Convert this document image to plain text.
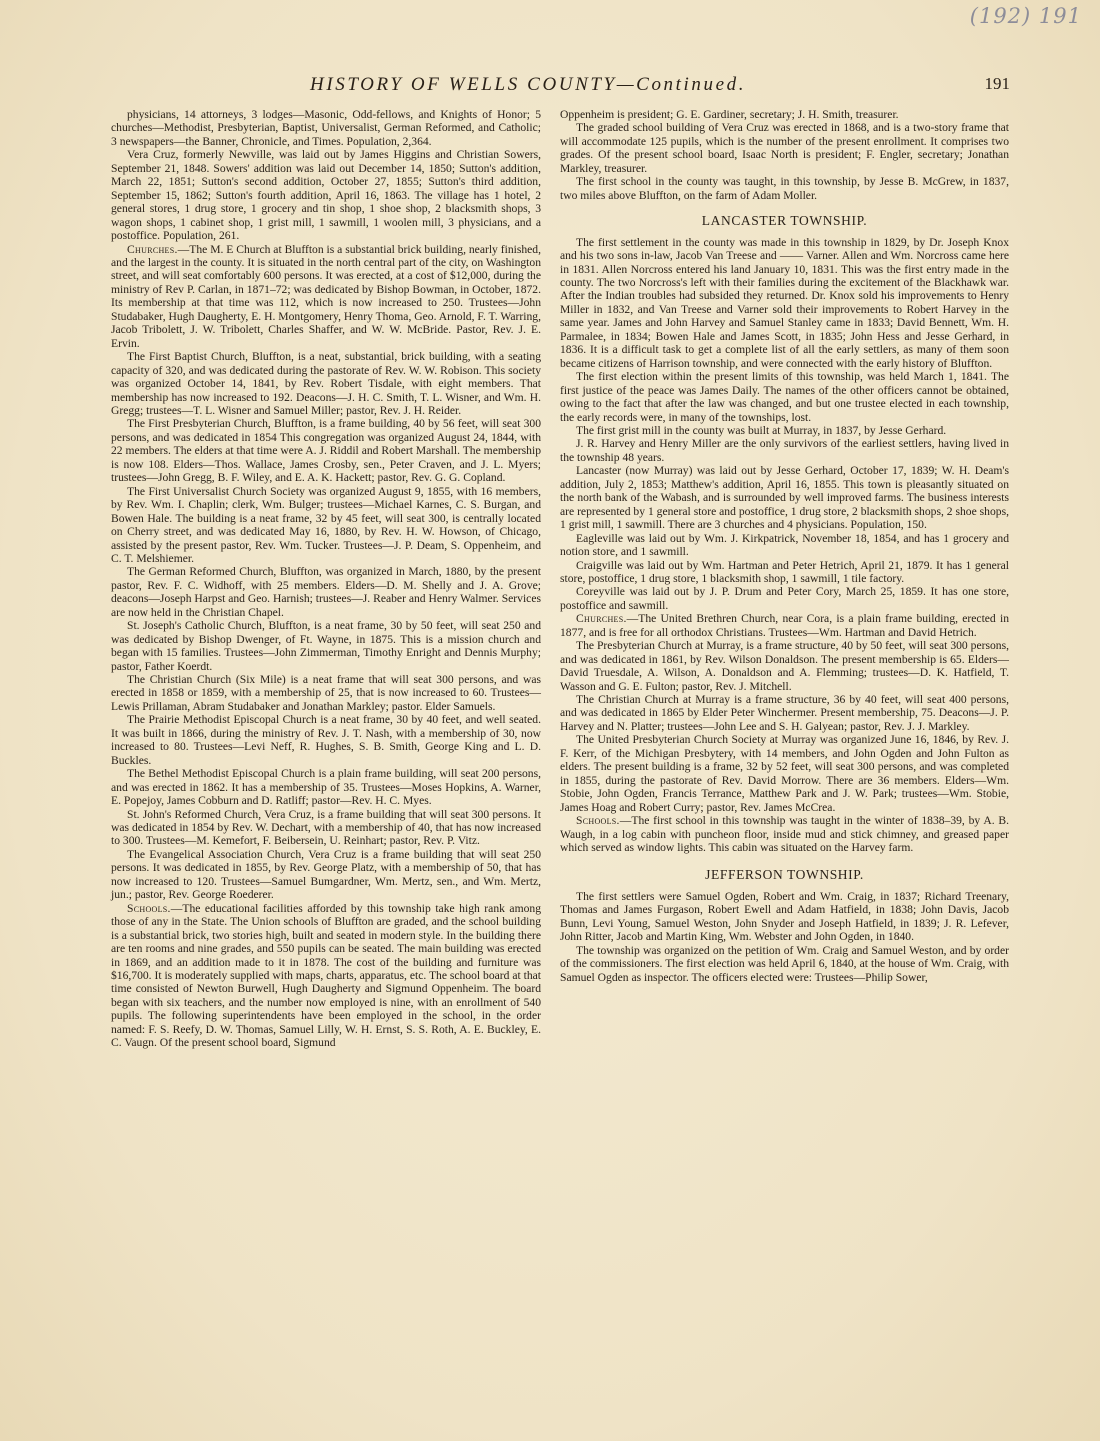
(192) 191
HISTORY OF WELLS COUNTY—Continued.	191

physicians, 14 attorneys, 3 lodges—Masonic, Odd-fellows, and Knights of Honor; 5 churches—Methodist, Presbyterian, Baptist, Universalist, German Reformed, and Catholic; 3 newspapers—the Banner, Chronicle, and Times. Population, 2,364.

Vera Cruz, formerly Newville, was laid out by James Higgins and Christian Sowers, September 21, 1848. Sowers' addition was laid out December 14, 1850; Sutton's addition, March 22, 1851; Sutton's second addition, October 27, 1855; Sutton's third addition, September 15, 1862; Sutton's fourth addition, April 16, 1863. The village has 1 hotel, 2 general stores, 1 drug store, 1 grocery and tin shop, 1 shoe shop, 2 blacksmith shops, 3 wagon shops, 1 cabinet shop, 1 grist mill, 1 sawmill, 1 woolen mill, 3 physicians, and a postoffice. Population, 261.

Churches.—The M. E Church at Bluffton is a substantial brick building, nearly finished, and the largest in the county. It is situated in the north central part of the city, on Washington street, and will seat comfortably 600 persons. It was erected, at a cost of $12,000, during the ministry of Rev P. Carlan, in 1871–72; was dedicated by Bishop Bowman, in October, 1872. Its membership at that time was 112, which is now increased to 250. Trustees—John Studabaker, Hugh Daugherty, E. H. Montgomery, Henry Thoma, Geo. Arnold, F. T. Warring, Jacob Tribolett, J. W. Tribolett, Charles Shaffer, and W. W. McBride. Pastor, Rev. J. E. Ervin.

The First Baptist Church, Bluffton, is a neat, substantial, brick building, with a seating capacity of 320, and was dedicated during the pastorate of Rev. W. W. Robison. This society was organized October 14, 1841, by Rev. Robert Tisdale, with eight members. That membership has now increased to 192. Deacons—J. H. C. Smith, T. L. Wisner, and Wm. H. Gregg; trustees—T. L. Wisner and Samuel Miller; pastor, Rev. J. H. Reider.

The First Presbyterian Church, Bluffton, is a frame building, 40 by 56 feet, will seat 300 persons, and was dedicated in 1854 This congregation was organized August 24, 1844, with 22 members. The elders at that time were A. J. Riddil and Robert Marshall. The membership is now 108. Elders—Thos. Wallace, James Crosby, sen., Peter Craven, and J. L. Myers; trustees—John Gregg, B. F. Wiley, and E. A. K. Hackett; pastor, Rev. G. G. Copland.

The First Universalist Church Society was organized August 9, 1855, with 16 members, by Rev. Wm. I. Chaplin; clerk, Wm. Bulger; trustees—Michael Karnes, C. S. Burgan, and Bowen Hale. The building is a neat frame, 32 by 45 feet, will seat 300, is centrally located on Cherry street, and was dedicated May 16, 1880, by Rev. H. W. Howson, of Chicago, assisted by the present pastor, Rev. Wm. Tucker. Trustees—J. P. Deam, S. Oppenheim, and C. T. Melshiemer.

The German Reformed Church, Bluffton, was organized in March, 1880, by the present pastor, Rev. F. C. Widhoff, with 25 members. Elders—D. M. Shelly and J. A. Grove; deacons—Joseph Harpst and Geo. Harnish; trustees—J. Reaber and Henry Walmer. Services are now held in the Christian Chapel.

St. Joseph's Catholic Church, Bluffton, is a neat frame, 30 by 50 feet, will seat 250 and was dedicated by Bishop Dwenger, of Ft. Wayne, in 1875. This is a mission church and began with 15 families. Trustees—John Zimmerman, Timothy Enright and Dennis Murphy; pastor, Father Koerdt.

The Christian Church (Six Mile) is a neat frame that will seat 300 persons, and was erected in 1858 or 1859, with a membership of 25, that is now increased to 60. Trustees—Lewis Prillaman, Abram Studabaker and Jonathan Markley; pastor. Elder Samuels.

The Prairie Methodist Episcopal Church is a neat frame, 30 by 40 feet, and well seated. It was built in 1866, during the ministry of Rev. J. T. Nash, with a membership of 30, now increased to 80. Trustees—Levi Neff, R. Hughes, S. B. Smith, George King and L. D. Buckles.

The Bethel Methodist Episcopal Church is a plain frame building, will seat 200 persons, and was erected in 1862. It has a membership of 35. Trustees—Moses Hopkins, A. Warner, E. Popejoy, James Cobburn and D. Ratliff; pastor—Rev. H. C. Myes.

St. John's Reformed Church, Vera Cruz, is a frame building that will seat 300 persons. It was dedicated in 1854 by Rev. W. Dechart, with a membership of 40, that has now increased to 300. Trustees—M. Kemefort, F. Beibersein, U. Reinhart; pastor, Rev. P. Vitz.

The Evangelical Association Church, Vera Cruz is a frame building that will seat 250 persons. It was dedicated in 1855, by Rev. George Platz, with a membership of 50, that has now increased to 120. Trustees—Samuel Bumgardner, Wm. Mertz, sen., and Wm. Mertz, jun.; pastor, Rev. George Roederer.

Schools.—The educational facilities afforded by this township take high rank among those of any in the State. The Union schools of Bluffton are graded, and the school building is a substantial brick, two stories high, built and seated in modern style. In the building there are ten rooms and nine grades, and 550 pupils can be seated. The main building was erected in 1869, and an addition made to it in 1878. The cost of the building and furniture was $16,700. It is moderately supplied with maps, charts, apparatus, etc. The school board at that time consisted of Newton Burwell, Hugh Daugherty and Sigmund Oppenheim. The board began with six teachers, and the number now employed is nine, with an enrollment of 540 pupils. The following superintendents have been employed in the school, in the order named: F. S. Reefy, D. W. Thomas, Samuel Lilly, W. H. Ernst, S. S. Roth, A. E. Buckley, E. C. Vaugn. Of the present school board, Sigmund

Oppenheim is president; G. E. Gardiner, secretary; J. H. Smith, treasurer.

The graded school building of Vera Cruz was erected in 1868, and is a two-story frame that will accommodate 125 pupils, which is the number of the present enrollment. It comprises two grades. Of the present school board, Isaac North is president; F. Engler, secretary; Jonathan Markley, treasurer.

The first school in the county was taught, in this township, by Jesse B. McGrew, in 1837, two miles above Bluffton, on the farm of Adam Moller.

LANCASTER TOWNSHIP.

The first settlement in the county was made in this township in 1829, by Dr. Joseph Knox and his two sons in-law, Jacob Van Treese and —— Varner. Allen and Wm. Norcross came here in 1831. Allen Norcross entered his land January 10, 1831. This was the first entry made in the county. The two Norcross's left with their families during the excitement of the Blackhawk war. After the Indian troubles had subsided they returned. Dr. Knox sold his improvements to Henry Miller in 1832, and Van Treese and Varner sold their improvements to Robert Harvey in the same year. James and John Harvey and Samuel Stanley came in 1833; David Bennett, Wm. H. Parmalee, in 1834; Bowen Hale and James Scott, in 1835; John Hess and Jesse Gerhard, in 1836. It is a difficult task to get a complete list of all the early settlers, as many of them soon became citizens of Harrison township, and were connected with the early history of Bluffton.

The first election within the present limits of this township, was held March 1, 1841. The first justice of the peace was James Daily. The names of the other officers cannot be obtained, owing to the fact that after the law was changed, and but one trustee elected in each township, the early records were, in many of the townships, lost.

The first grist mill in the county was built at Murray, in 1837, by Jesse Gerhard.

J. R. Harvey and Henry Miller are the only survivors of the earliest settlers, having lived in the township 48 years.

Lancaster (now Murray) was laid out by Jesse Gerhard, October 17, 1839; W. H. Deam's addition, July 2, 1853; Matthew's addition, April 16, 1855. This town is pleasantly situated on the north bank of the Wabash, and is surrounded by well improved farms. The business interests are represented by 1 general store and postoffice, 1 drug store, 2 blacksmith shops, 2 shoe shops, 1 grist mill, 1 sawmill. There are 3 churches and 4 physicians. Population, 150.

Eagleville was laid out by Wm. J. Kirkpatrick, November 18, 1854, and has 1 grocery and notion store, and 1 sawmill.

Craigville was laid out by Wm. Hartman and Peter Hetrich, April 21, 1879. It has 1 general store, postoffice, 1 drug store, 1 blacksmith shop, 1 sawmill, 1 tile factory.

Coreyville was laid out by J. P. Drum and Peter Cory, March 25, 1859. It has one store, postoffice and sawmill.

Churches.—The United Brethren Church, near Cora, is a plain frame building, erected in 1877, and is free for all orthodox Christians. Trustees—Wm. Hartman and David Hetrich.

The Presbyterian Church at Murray, is a frame structure, 40 by 50 feet, will seat 300 persons, and was dedicated in 1861, by Rev. Wilson Donaldson. The present membership is 65. Elders—David Truesdale, A. Wilson, A. Donaldson and A. Flemming; trustees—D. K. Hatfield, T. Wasson and G. E. Fulton; pastor, Rev. J. Mitchell.

The Christian Church at Murray is a frame structure, 36 by 40 feet, will seat 400 persons, and was dedicated in 1865 by Elder Peter Winchermer. Present membership, 75. Deacons—J. P. Harvey and N. Platter; trustees—John Lee and S. H. Galyean; pastor, Rev. J. J. Markley.

The United Presbyterian Church Society at Murray was organized June 16, 1846, by Rev. J. F. Kerr, of the Michigan Presbytery, with 14 members, and John Ogden and John Fulton as elders. The present building is a frame, 32 by 52 feet, will seat 300 persons, and was completed in 1855, during the pastorate of Rev. David Morrow. There are 36 members. Elders—Wm. Stobie, John Ogden, Francis Terrance, Matthew Park and J. W. Park; trustees—Wm. Stobie, James Hoag and Robert Curry; pastor, Rev. James McCrea.

Schools.—The first school in this township was taught in the winter of 1838–39, by A. B. Waugh, in a log cabin with puncheon floor, inside mud and stick chimney, and greased paper which served as window lights. This cabin was situated on the Harvey farm.

JEFFERSON TOWNSHIP.

The first settlers were Samuel Ogden, Robert and Wm. Craig, in 1837; Richard Treenary, Thomas and James Furgason, Robert Ewell and Adam Hatfield, in 1838; John Davis, Jacob Bunn, Levi Young, Samuel Weston, John Snyder and Joseph Hatfield, in 1839; J. R. Lefever, John Ritter, Jacob and Martin King, Wm. Webster and John Ogden, in 1840.

The township was organized on the petition of Wm. Craig and Samuel Weston, and by order of the commissioners. The first election was held April 6, 1840, at the house of Wm. Craig, with Samuel Ogden as inspector. The officers elected were: Trustees—Philip Sower,
